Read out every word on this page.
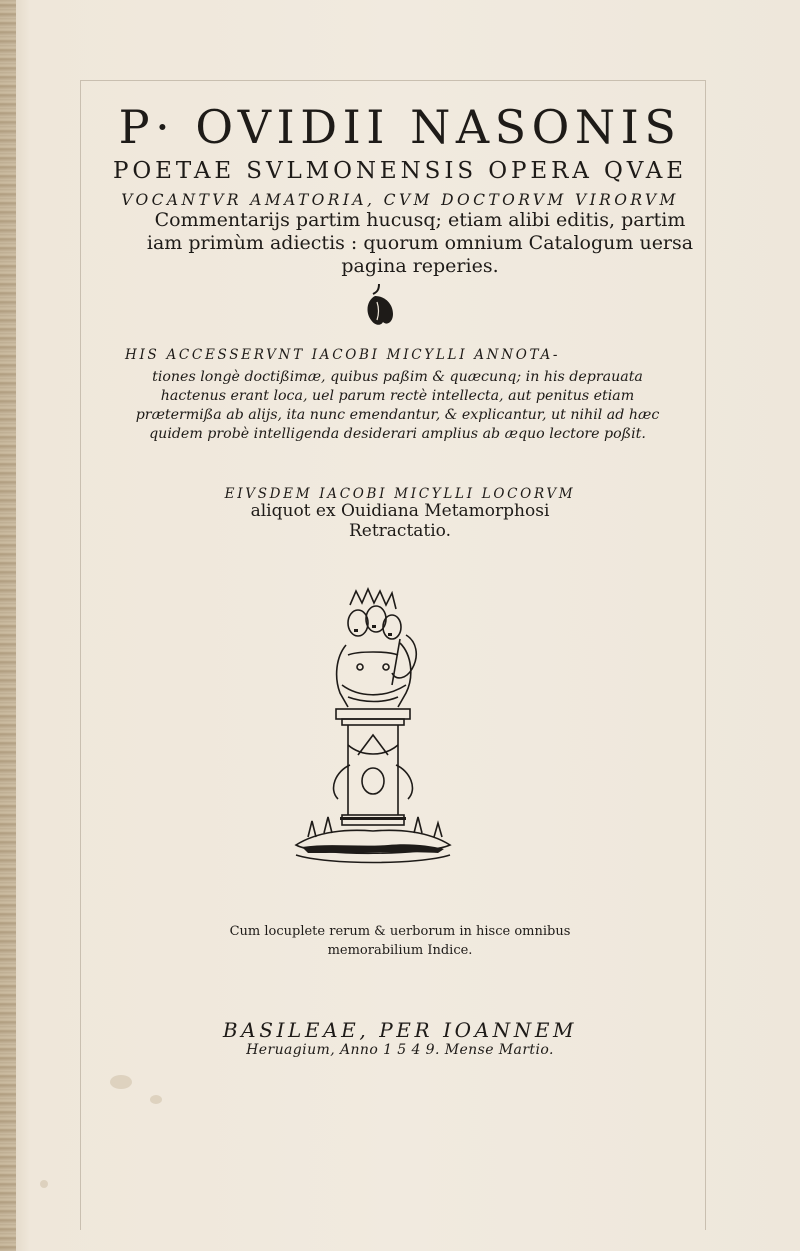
P· OVIDII NASONIS
POETAE SVLMONENSIS OPERA QVAE
VOCANTVR AMATORIA, CVM DOCTORVM VIRORVM
Commentarijs partim hucusq; etiam alibi editis, partim iam primùm adiectis : quorum omnium Catalogum uersa pagina reperies.
HIS ACCESSERVNT IACOBI MICYLLI ANNOTA-
tiones longè doctißimæ, quibus paßim & quæcunq; in his deprauata hactenus erant loca, uel parum rectè intellecta, aut penitus etiam prætermißa ab alijs, ita nunc emendantur, & explicantur, ut nihil ad hæc quidem probè intelligenda desiderari amplius ab æquo lectore poßit.
EIVSDEM IACOBI MICYLLI LOCORVM
aliquot ex Ouidiana Metamorphosi
Retractatio.
Cum locuplete rerum & uerborum in hisce omnibus
memorabilium Indice.
BASILEAE, PER IOANNEM
Heruagium, Anno 1 5 4 9. Mense Martio.
